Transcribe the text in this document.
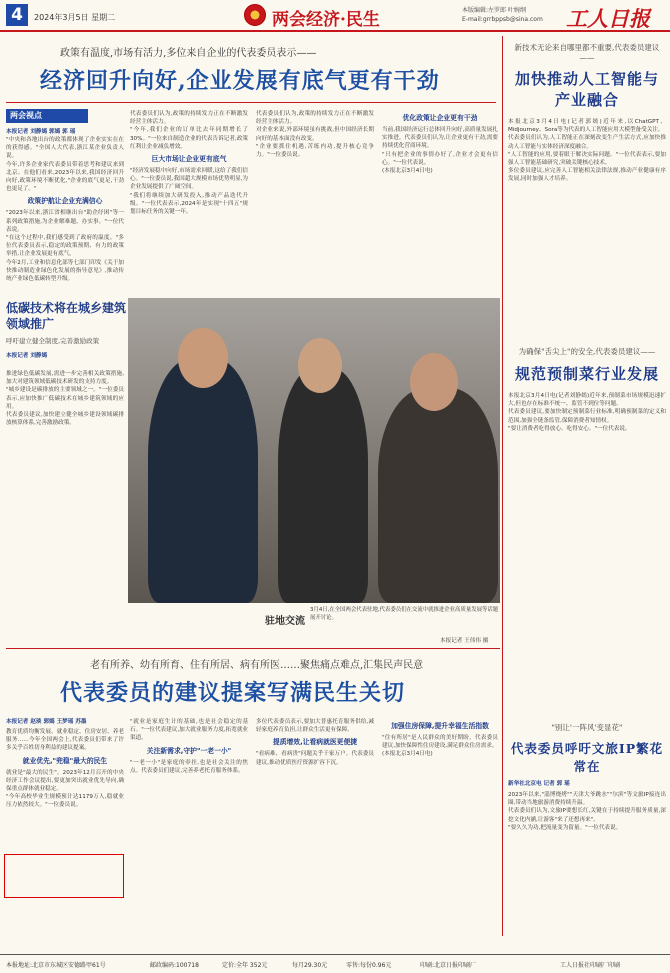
4	2024年3月5日 星期二	两会经济·民生	本版编辑:左罗郎 叶婉纲
E-mail:grrbppsb@sina.com	工人日报
政策有温度,市场有活力,多位来自企业的代表委员表示——
经济回升向好,企业发展有底气更有干劲
两会视点
本报记者 刘静嫣 郭嫣 郭 瑶

"中央和各地出台的政策都体现了企业实实在在的获得感。"全国人大代表,浙江某企业负责人说。

今年,许多企业家代表委员带着思考和建议来到北京。在他们看来,2023年以来,我国经济回升向好,政策环境不断优化,"企业的底气更足,干劲也更足了。"

政策护航让企业充满信心

"2023年以来,浙江省相继出台"助企纾困"等一系列政策措施,为企业解难题、办实事。"一位代表说。

"在这个过程中,我们感受到了政府的温度。"多位代表委员表示,稳定的政策预期、有力的政策举措,让企业发展更有底气。

今年2月,工业和信息化部等七部门印发《关于加快推动制造业绿色化发展的指导意见》,推动传统产业绿色低碳转型升级。

代表委员们认为,政策的持续发力正在不断激发经营主体活力。

"今年,我们企业的订单比去年同期增长了30%。"一位来自制造企业的代表告诉记者,政策红利让企业减负增效。

巨大市场让企业更有底气

"经济发展稳中向好,市场需求回暖,这给了我们信心。"一位委员说,我国超大规模市场优势明显,为企业发展提供了广阔空间。

"我们将继续加大研发投入,推动产品迭代升级。"一位代表表示,2024年是实现"十四五"规划目标任务的关键一年。

代表委员们认为,政策的持续发力正在不断激发经营主体活力。

对企业来说,外部环境虽有挑战,但中国经济长期向好的基本面没有改变。

"企业要抓住机遇,苦练内功,提升核心竞争力。"一位委员说。

优化政策让企业更有干劲

当前,我国经济运行总体回升向好,高质量发展扎实推进。代表委员们认为,让企业更有干劲,需要持续优化营商环境。

"只有把企业的事情办好了,企业才会更有信心。"一位代表说。

(本报北京3月4日电)

低碳技术将在城乡建筑领域推广
呼吁建立健全制度,完善激励政策
本报记者 刘静嫣

推进绿色低碳发展,需进一步完善相关政策措施,加大对建筑领域低碳技术研发的支持力度。

"城乡建设是碳排放的主要领域之一。"一位委员表示,应加快推广低碳技术在城乡建筑领域的应用。

代表委员建议,加快建立健全城乡建设领域碳排放核算体系,完善激励政策。

驻地交流
3月4日,在全国两会代表驻地,代表委员们在交流中就推进企业高质量发展等话题展开讨论。
本报记者 王伟伟 摄
新技术无论来自哪里都不重要,代表委员建议——
加快推动人工智能与产业融合

本报北京3月4日电(记者郭嫣)近年来,以ChatGPT、Midjourney、Sora等为代表的人工智能应用大模型备受关注。

代表委员们认为,人工智能正在深刻改变生产生活方式,应加快推动人工智能与实体经济深度融合。

"人工智能的应用,要着眼于解决实际问题。"一位代表表示,要加强人工智能基础研究,突破关键核心技术。

多位委员建议,应完善人工智能相关法律法规,推动产业健康有序发展,同时加强人才培养。

为确保"舌尖上"的安全,代表委员建议——
规范预制菜行业发展

本报北京3月4日电(记者刘静嫣)近年来,预制菜市场规模迅速扩大,但也存在标准不统一、监管不到位等问题。

代表委员建议,要加快制定预制菜行业标准,明确预制菜的定义和范围,加强全链条监管,保障消费者知情权。

"要让消费者吃得放心、吃得安心。"一位代表说。

"别让'一阵风'变显花"
代表委员呼吁文旅IP繁花常在
新华社北京电 记者 郭 瑶

2023年以来,"淄博烧烤""天津大爷跳水""尔滨"等文旅IP接连出圈,带动当地旅游消费持续升温。

代表委员们认为,文旅IP要想长红,关键在于持续提升服务质量,深挖文化内涵,让游客"来了还想再来"。

"要久久为功,把流量变为留量。"一位代表说。

老有所养、幼有所育、住有所居、病有所医……聚焦痛点难点,汇集民声民意
代表委员的建议提案写满民生关切
本报记者 赵琰 郭嫣 王梦瑶 苏墨

教育优质均衡发展、就业稳定、住房安居、养老服务……今年全国两会上,代表委员们带来了许多关乎百姓切身利益的建议提案。

就业优先,"兜稳"最大的民生

就业是"最大的民生"。2023年12月召开的中央经济工作会议提出,要更加突出就业优先导向,确保重点群体就业稳定。

"今年高校毕业生规模预计达1179万人,稳就业压力依然较大。"一位委员说。

"就业是家庭生计的基础,也是社会稳定的基石。"一位代表建议,加大就业服务力度,拓宽就业渠道。

关注新需求,守护"一老一小"

"一老一小"是家庭的牵挂,也是社会关注的焦点。代表委员们建议,完善养老托育服务体系。

多位代表委员表示,要加大普惠托育服务供给,减轻家庭养育负担,让群众生活更有保障。

提质增效,让看病就医更便捷

"看病难、看病贵"问题关乎千家万户。代表委员建议,推动优质医疗资源扩容下沉。

加强住房保障,提升幸福生活指数

"住有所居"是人民群众的美好期盼。代表委员建议,加快保障性住房建设,满足群众住房需求。

(本报北京3月4日电)

本报地址:北京市东城区安德路甲61号	邮政编码:100718	定价:全年 352元	每月29.30元	零售:每份0.96元	印刷:北京日报印刷厂	工人日报社印刷厂印刷
